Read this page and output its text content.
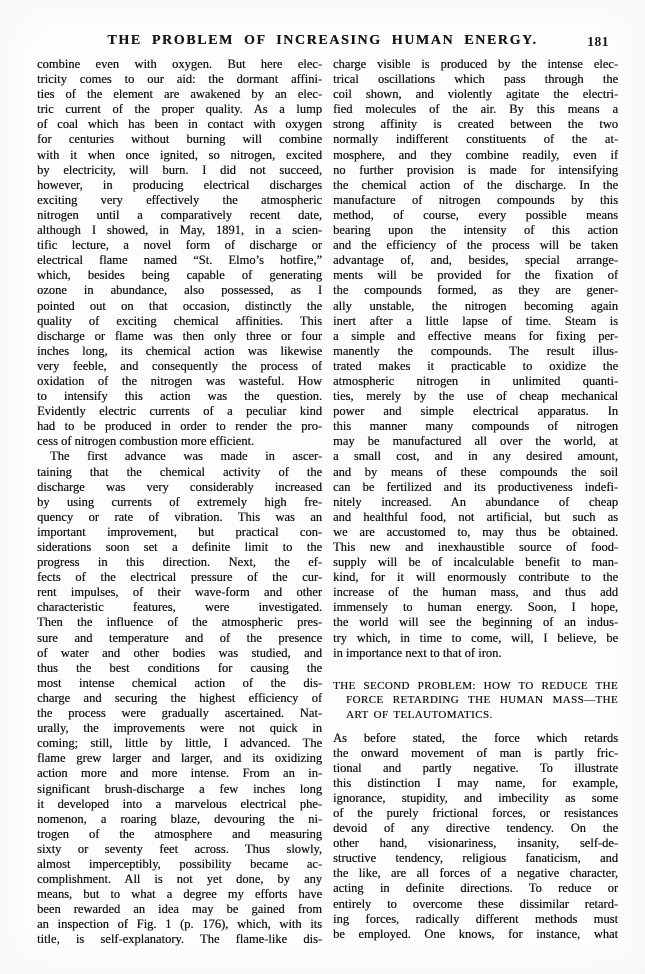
THE PROBLEM OF INCREASING HUMAN ENERGY.	181
combine even with oxygen. But here elec-
tricity comes to our aid: the dormant affini-
ties of the element are awakened by an elec-
tric current of the proper quality. As a lump
of coal which has been in contact with oxygen
for centuries without burning will combine
with it when once ignited, so nitrogen, excited
by electricity, will burn. I did not succeed,
however, in producing electrical discharges
exciting very effectively the atmospheric
nitrogen until a comparatively recent date,
although I showed, in May, 1891, in a scien-
tific lecture, a novel form of discharge or
electrical flame named “St. Elmo’s hotfire,”
which, besides being capable of generating
ozone in abundance, also possessed, as I
pointed out on that occasion, distinctly the
quality of exciting chemical affinities. This
discharge or flame was then only three or four
inches long, its chemical action was likewise
very feeble, and consequently the process of
oxidation of the nitrogen was wasteful. How
to intensify this action was the question.
Evidently electric currents of a peculiar kind
had to be produced in order to render the pro-
cess of nitrogen combustion more efficient.
The first advance was made in ascer-
taining that the chemical activity of the
discharge was very considerably increased
by using currents of extremely high fre-
quency or rate of vibration. This was an
important improvement, but practical con-
siderations soon set a definite limit to the
progress in this direction. Next, the ef-
fects of the electrical pressure of the cur-
rent impulses, of their wave-form and other
characteristic features, were investigated.
Then the influence of the atmospheric pres-
sure and temperature and of the presence
of water and other bodies was studied, and
thus the best conditions for causing the
most intense chemical action of the dis-
charge and securing the highest efficiency of
the process were gradually ascertained. Nat-
urally, the improvements were not quick in
coming; still, little by little, I advanced. The
flame grew larger and larger, and its oxidizing
action more and more intense. From an in-
significant brush-discharge a few inches long
it developed into a marvelous electrical phe-
nomenon, a roaring blaze, devouring the ni-
trogen of the atmosphere and measuring
sixty or seventy feet across. Thus slowly,
almost imperceptibly, possibility became ac-
complishment. All is not yet done, by any
means, but to what a degree my efforts have
been rewarded an idea may be gained from
an inspection of Fig. 1 (p. 176), which, with its
title, is self-explanatory. The flame-like dis-
charge visible is produced by the intense elec-
trical oscillations which pass through the
coil shown, and violently agitate the electri-
fied molecules of the air. By this means a
strong affinity is created between the two
normally indifferent constituents of the at-
mosphere, and they combine readily, even if
no further provision is made for intensifying
the chemical action of the discharge. In the
manufacture of nitrogen compounds by this
method, of course, every possible means
bearing upon the intensity of this action
and the efficiency of the process will be taken
advantage of, and, besides, special arrange-
ments will be provided for the fixation of
the compounds formed, as they are gener-
ally unstable, the nitrogen becoming again
inert after a little lapse of time. Steam is
a simple and effective means for fixing per-
manently the compounds. The result illus-
trated makes it practicable to oxidize the
atmospheric nitrogen in unlimited quanti-
ties, merely by the use of cheap mechanical
power and simple electrical apparatus. In
this manner many compounds of nitrogen
may be manufactured all over the world, at
a small cost, and in any desired amount,
and by means of these compounds the soil
can be fertilized and its productiveness indefi-
nitely increased. An abundance of cheap
and healthful food, not artificial, but such as
we are accustomed to, may thus be obtained.
This new and inexhaustible source of food-
supply will be of incalculable benefit to man-
kind, for it will enormously contribute to the
increase of the human mass, and thus add
immensely to human energy. Soon, I hope,
the world will see the beginning of an indus-
try which, in time to come, will, I believe, be
in importance next to that of iron.
THE SECOND PROBLEM: HOW TO REDUCE THE
FORCE RETARDING THE HUMAN MASS—THE
ART OF TELAUTOMATICS.
As before stated, the force which retards
the onward movement of man is partly fric-
tional and partly negative. To illustrate
this distinction I may name, for example,
ignorance, stupidity, and imbecility as some
of the purely frictional forces, or resistances
devoid of any directive tendency. On the
other hand, visionariness, insanity, self-de-
structive tendency, religious fanaticism, and
the like, are all forces of a negative character,
acting in definite directions. To reduce or
entirely to overcome these dissimilar retard-
ing forces, radically different methods must
be employed. One knows, for instance, what
